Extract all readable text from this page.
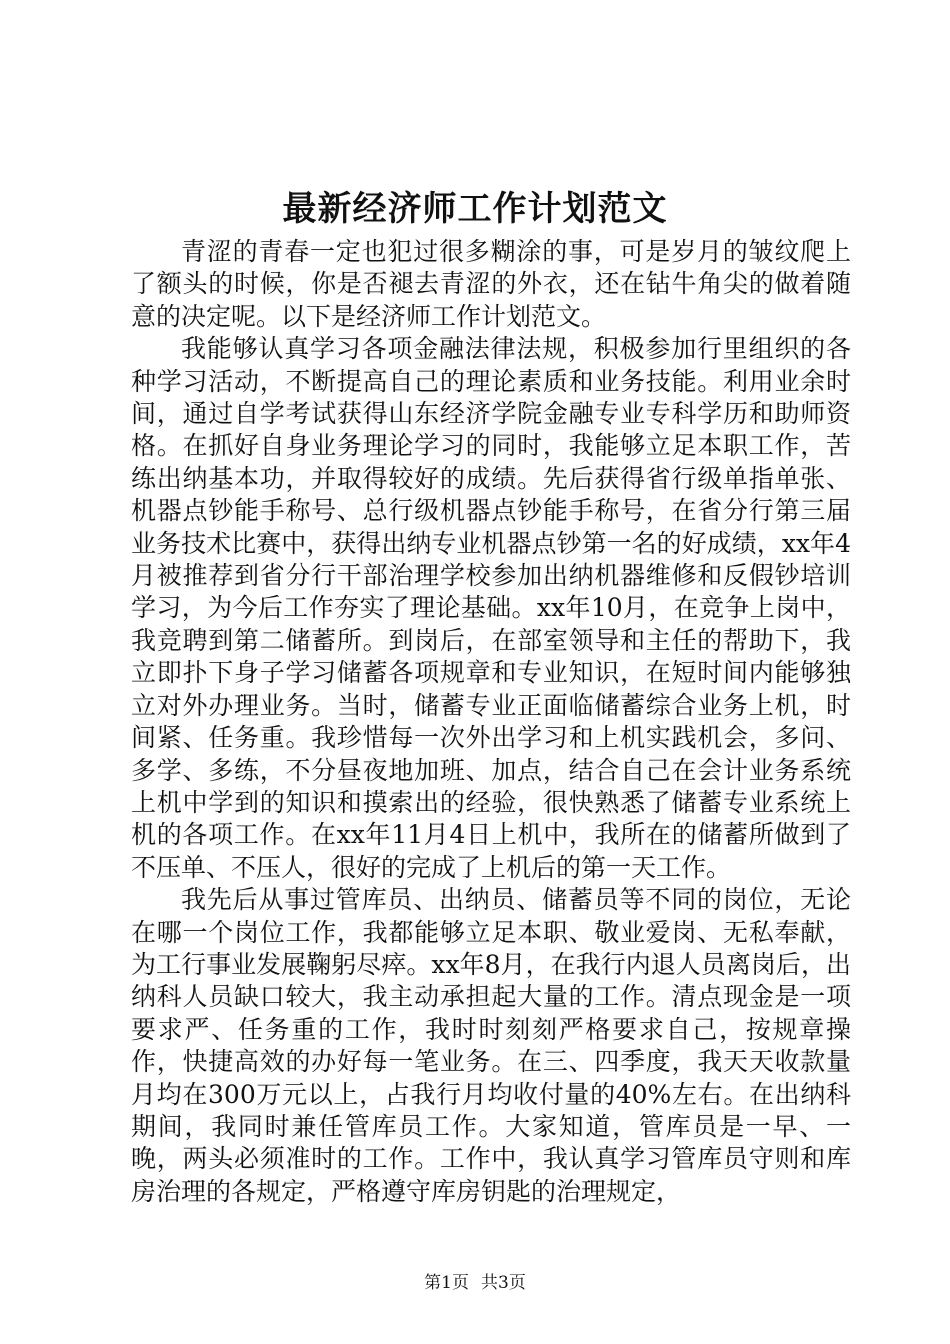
最新经济师工作计划范文

青涩的青春一定也犯过很多糊涂的事，可是岁月的皱纹爬上了额头的时候，你是否褪去青涩的外衣，还在钻牛角尖的做着随意的决定呢。以下是经济师工作计划范文。

我能够认真学习各项金融法律法规，积极参加行里组织的各种学习活动，不断提高自己的理论素质和业务技能。利用业余时间，通过自学考试获得山东经济学院金融专业专科学历和助师资格。在抓好自身业务理论学习的同时，我能够立足本职工作，苦练出纳基本功，并取得较好的成绩。先后获得省行级单指单张、机器点钞能手称号、总行级机器点钞能手称号，在省分行第三届业务技术比赛中，获得出纳专业机器点钞第一名的好成绩，xx年4月被推荐到省分行干部治理学校参加出纳机器维修和反假钞培训学习，为今后工作夯实了理论基础。xx年10月，在竞争上岗中，我竞聘到第二储蓄所。到岗后，在部室领导和主任的帮助下，我立即扑下身子学习储蓄各项规章和专业知识，在短时间内能够独立对外办理业务。当时，储蓄专业正面临储蓄综合业务上机，时间紧、任务重。我珍惜每一次外出学习和上机实践机会，多问、多学、多练，不分昼夜地加班、加点，结合自己在会计业务系统上机中学到的知识和摸索出的经验，很快熟悉了储蓄专业系统上机的各项工作。在xx年11月4日上机中，我所在的储蓄所做到了不压单、不压人，很好的完成了上机后的第一天工作。

我先后从事过管库员、出纳员、储蓄员等不同的岗位，无论在哪一个岗位工作，我都能够立足本职、敬业爱岗、无私奉献，为工行事业发展鞠躬尽瘁。xx年8月，在我行内退人员离岗后，出纳科人员缺口较大，我主动承担起大量的工作。清点现金是一项要求严、任务重的工作，我时时刻刻严格要求自己，按规章操作，快捷高效的办好每一笔业务。在三、四季度，我天天收款量月均在300万元以上，占我行月均收付量的40%左右。在出纳科期间，我同时兼任管库员工作。大家知道，管库员是一早、一晚，两头必须准时的工作。工作中，我认真学习管库员守则和库房治理的各规定，严格遵守库房钥匙的治理规定，

第1页 共3页
